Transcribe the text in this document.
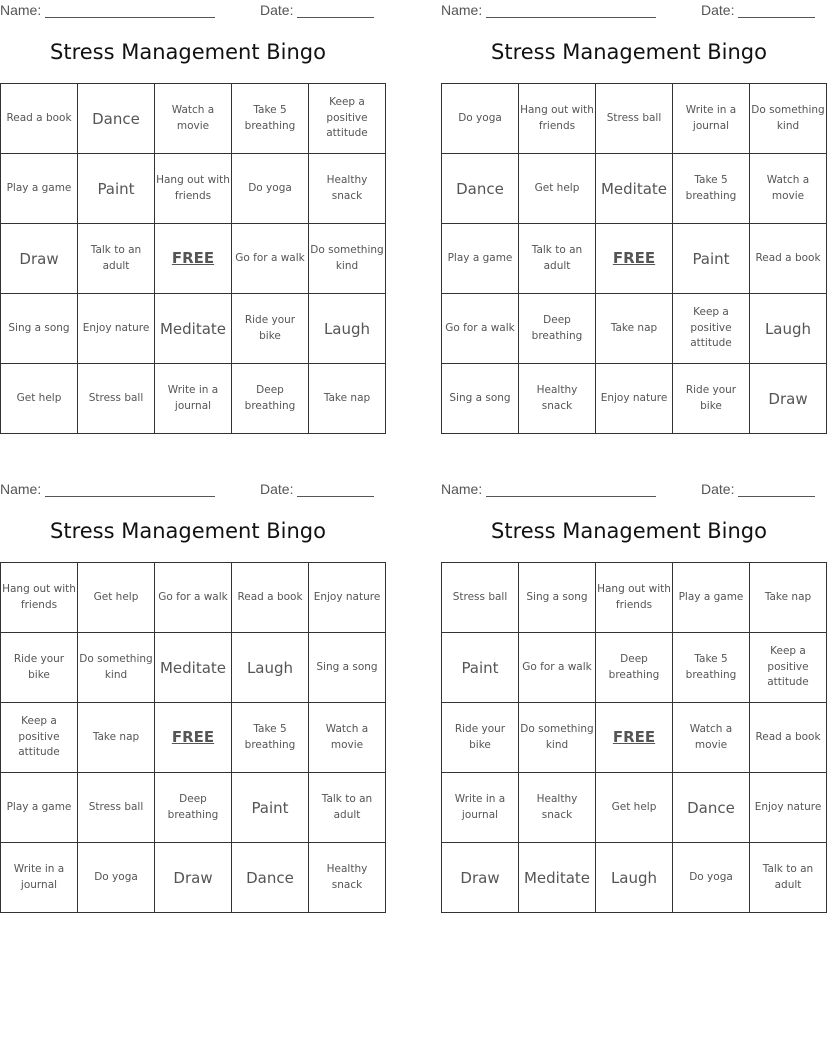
Name:	Date:
Stress Management Bingo
Read a book	Dance	Watch a movie	Take 5 breathing	Keep a positive attitude
Play a game	Paint	Hang out with friends	Do yoga	Healthy snack
Draw	Talk to an adult	FREE	Go for a walk	Do something kind
Sing a song	Enjoy nature	Meditate	Ride your bike	Laugh
Get help	Stress ball	Write in a journal	Deep breathing	Take nap
Name:	Date:
Stress Management Bingo
Do yoga	Hang out with friends	Stress ball	Write in a journal	Do something kind
Dance	Get help	Meditate	Take 5 breathing	Watch a movie
Play a game	Talk to an adult	FREE	Paint	Read a book
Go for a walk	Deep breathing	Take nap	Keep a positive attitude	Laugh
Sing a song	Healthy snack	Enjoy nature	Ride your bike	Draw
Name:	Date:
Stress Management Bingo
Hang out with friends	Get help	Go for a walk	Read a book	Enjoy nature
Ride your bike	Do something kind	Meditate	Laugh	Sing a song
Keep a positive attitude	Take nap	FREE	Take 5 breathing	Watch a movie
Play a game	Stress ball	Deep breathing	Paint	Talk to an adult
Write in a journal	Do yoga	Draw	Dance	Healthy snack
Name:	Date:
Stress Management Bingo
Stress ball	Sing a song	Hang out with friends	Play a game	Take nap
Paint	Go for a walk	Deep breathing	Take 5 breathing	Keep a positive attitude
Ride your bike	Do something kind	FREE	Watch a movie	Read a book
Write in a journal	Healthy snack	Get help	Dance	Enjoy nature
Draw	Meditate	Laugh	Do yoga	Talk to an adult
